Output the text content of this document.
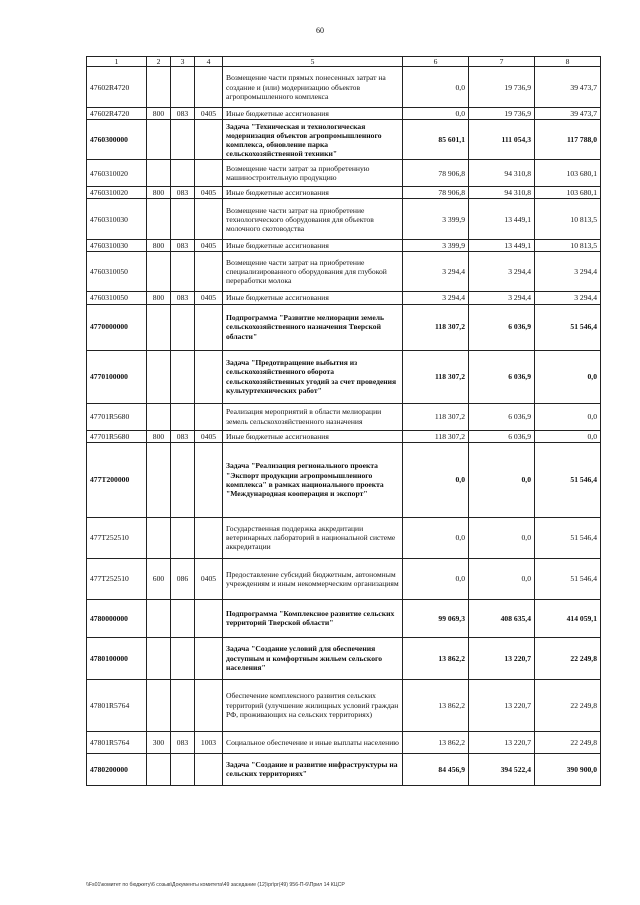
60
1	2	3	4	5	6	7	8
47602R4720				Возмещение части прямых понесенных затрат на создание и (или) модернизацию объектов агропромышленного комплекса	0,0	19 736,9	39 473,7
47602R4720	800	083	0405	Иные бюджетные ассигнования	0,0	19 736,9	39 473,7
4760300000				Задача "Техническая и технологическая модернизация объектов агропромышленного комплекса, обновление парка сельскохозяйственной техники"	85 601,1	111 054,3	117 788,0
4760310020				Возмещение части затрат за приобретенную машиностроительную продукцию	78 906,8	94 310,8	103 680,1
4760310020	800	083	0405	Иные бюджетные ассигнования	78 906,8	94 310,8	103 680,1
4760310030				Возмещение части затрат на приобретение технологического оборудования для объектов молочного скотоводства	3 399,9	13 449,1	10 813,5
4760310030	800	083	0405	Иные бюджетные ассигнования	3 399,9	13 449,1	10 813,5
4760310050				Возмещение части затрат на приобретение специализированного оборудования для глубокой переработки молока	3 294,4	3 294,4	3 294,4
4760310050	800	083	0405	Иные бюджетные ассигнования	3 294,4	3 294,4	3 294,4
4770000000				Подпрограмма "Развитие мелиорации земель сельскохозяйственного назначения Тверской области"	118 307,2	6 036,9	51 546,4
4770100000				Задача "Предотвращение выбытия из сельскохозяйственного оборота сельскохозяйственных угодий за счет проведения культуртехнических работ"	118 307,2	6 036,9	0,0
47701R5680				Реализация мероприятий в области мелиорации земель сельскохозяйственного назначения	118 307,2	6 036,9	0,0
47701R5680	800	083	0405	Иные бюджетные ассигнования	118 307,2	6 036,9	0,0
477T200000				Задача "Реализация регионального проекта "Экспорт продукции агропромышленного комплекса" в рамках национального проекта "Международная кооперация и экспорт"	0,0	0,0	51 546,4
477T252510				Государственная поддержка аккредитации ветеринарных лабораторий в национальной системе аккредитации	0,0	0,0	51 546,4
477T252510	600	086	0405	Предоставление субсидий бюджетным, автономным учреждениям и иным некоммерческим организациям	0,0	0,0	51 546,4
4780000000				Подпрограмма "Комплексное развитие сельских территорий Тверской области"	99 069,3	408 635,4	414 059,1
4780100000				Задача "Создание условий для обеспечения доступным и комфортным жильем сельского населения"	13 862,2	13 220,7	22 249,8
47801R5764				Обеспечение комплексного развития сельских территорий (улучшение жилищных условий граждан РФ, проживающих на сельских территориях)	13 862,2	13 220,7	22 249,8
47801R5764	300	083	1003	Социальное обеспечение и иные выплаты населению	13 862,2	13 220,7	22 249,8
4780200000				Задача "Создание и развитие инфраструктуры на сельских территориях"	84 456,9	394 522,4	390 900,0
\\Fs01\комитет по бюджету\6 созыв\Документы комитета\49 заседание (12)\pr\pr(49) 956-П-6\Прил 14 КЦСР
